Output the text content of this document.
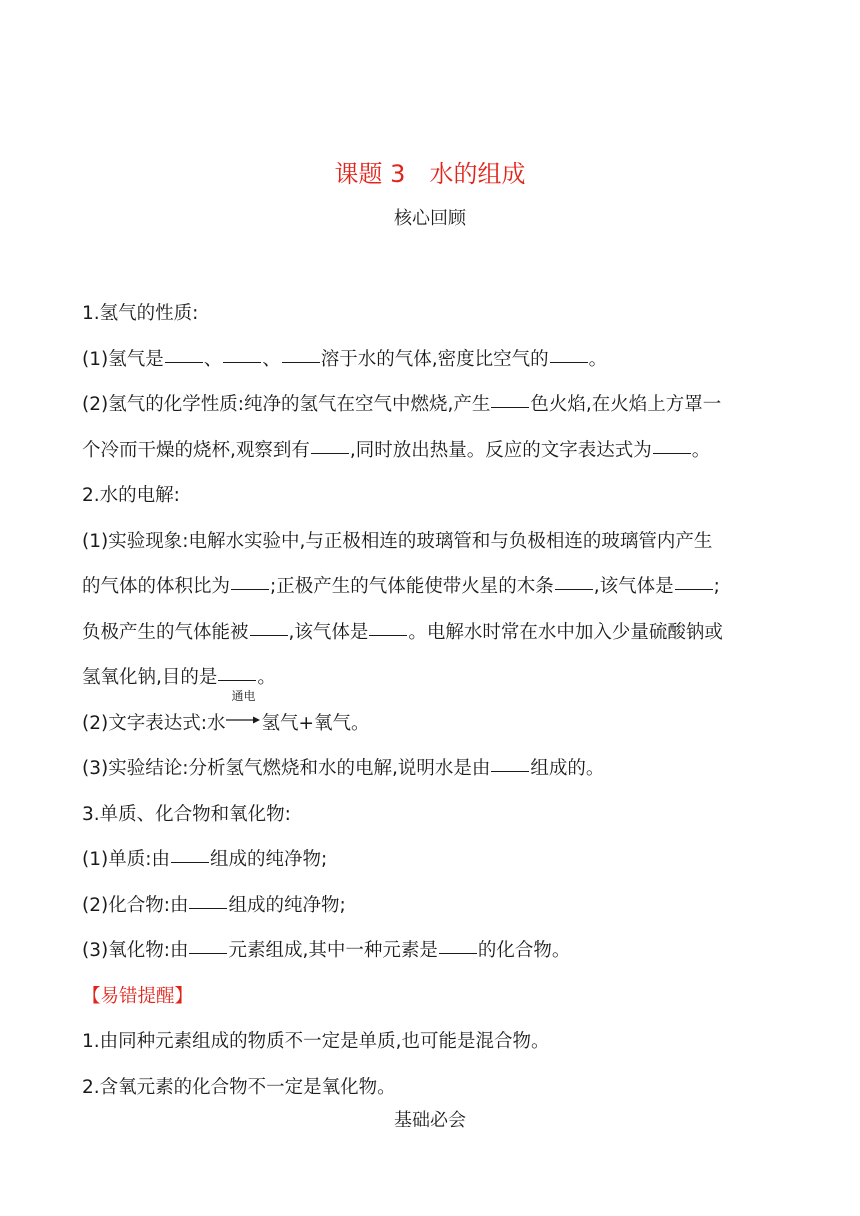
课题 3 水的组成
核心回顾
1.氢气的性质:
(1)氢气是 、 、 溶于水的气体,密度比空气的 。
(2)氢气的化学性质:纯净的氢气在空气中燃烧,产生 色火焰,在火焰上方罩一
个冷而干燥的烧杯,观察到有 ,同时放出热量。反应的文字表达式为 。
2.水的电解:
(1)实验现象:电解水实验中,与正极相连的玻璃管和与负极相连的玻璃管内产生
的气体的体积比为 ;正极产生的气体能使带火星的木条 ,该气体是 ;
负极产生的气体能被 ,该气体是 。电解水时常在水中加入少量硫酸钠或
氢氧化钠,目的是 。
(2)文字表达式:水
通电
氢气+氧气。
(3)实验结论:分析氢气燃烧和水的电解,说明水是由 组成的。
3.单质、化合物和氧化物:
(1)单质:由 组成的纯净物;
(2)化合物:由 组成的纯净物;
(3)氧化物:由 元素组成,其中一种元素是 的化合物。
【易错提醒】
1.由同种元素组成的物质不一定是单质,也可能是混合物。
2.含氧元素的化合物不一定是氧化物。
基础必会
